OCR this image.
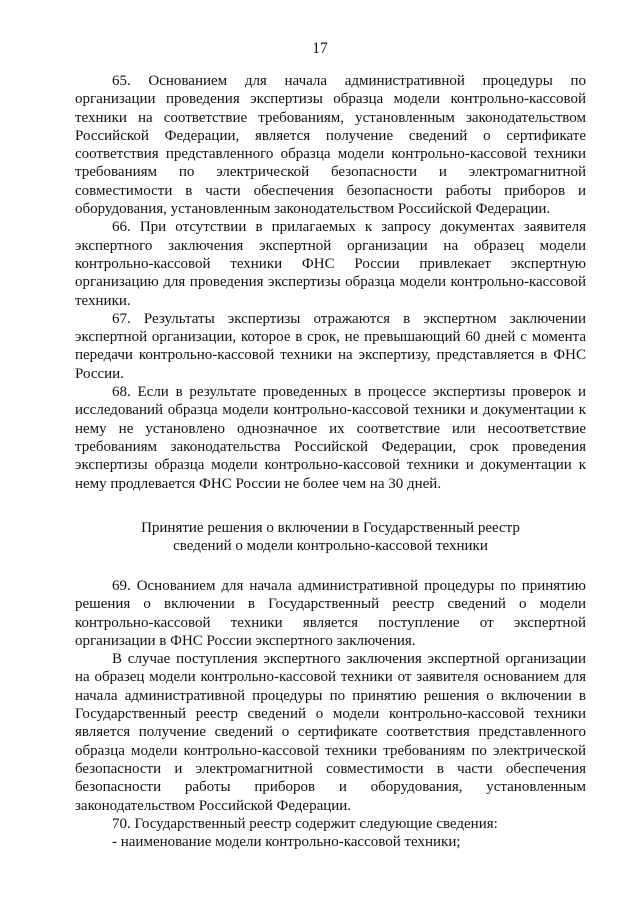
17

65. Основанием для начала административной процедуры по организации проведения экспертизы образца модели контрольно-кассовой техники на соответствие требованиям, установленным законодательством Российской Федерации, является получение сведений о сертификате соответствия представленного образца модели контрольно-кассовой техники требованиям по электрической безопасности и электромагнитной совместимости в части обеспечения безопасности работы приборов и оборудования, установленным законодательством Российской Федерации.

66. При отсутствии в прилагаемых к запросу документах заявителя экспертного заключения экспертной организации на образец модели контрольно-кассовой техники ФНС России привлекает экспертную организацию для проведения экспертизы образца модели контрольно-кассовой техники.

67. Результаты экспертизы отражаются в экспертном заключении экспертной организации, которое в срок, не превышающий 60 дней с момента передачи контрольно-кассовой техники на экспертизу, представляется в ФНС России.

68. Если в результате проведенных в процессе экспертизы проверок и исследований образца модели контрольно-кассовой техники и документации к нему не установлено однозначное их соответствие или несоответствие требованиям законодательства Российской Федерации, срок проведения экспертизы образца модели контрольно-кассовой техники и документации к нему продлевается ФНС России не более чем на 30 дней.

Принятие решения о включении в Государственный реестр
сведений о модели контрольно-кассовой техники

69. Основанием для начала административной процедуры по принятию решения о включении в Государственный реестр сведений о модели контрольно-кассовой техники является поступление от экспертной организации в ФНС России экспертного заключения.

В случае поступления экспертного заключения экспертной организации на образец модели контрольно-кассовой техники от заявителя основанием для начала административной процедуры по принятию решения о включении в Государственный реестр сведений о модели контрольно-кассовой техники является получение сведений о сертификате соответствия представленного образца модели контрольно-кассовой техники требованиям по электрической безопасности и электромагнитной совместимости в части обеспечения безопасности работы приборов и оборудования, установленным законодательством Российской Федерации.

70. Государственный реестр содержит следующие сведения:

- наименование модели контрольно-кассовой техники;
